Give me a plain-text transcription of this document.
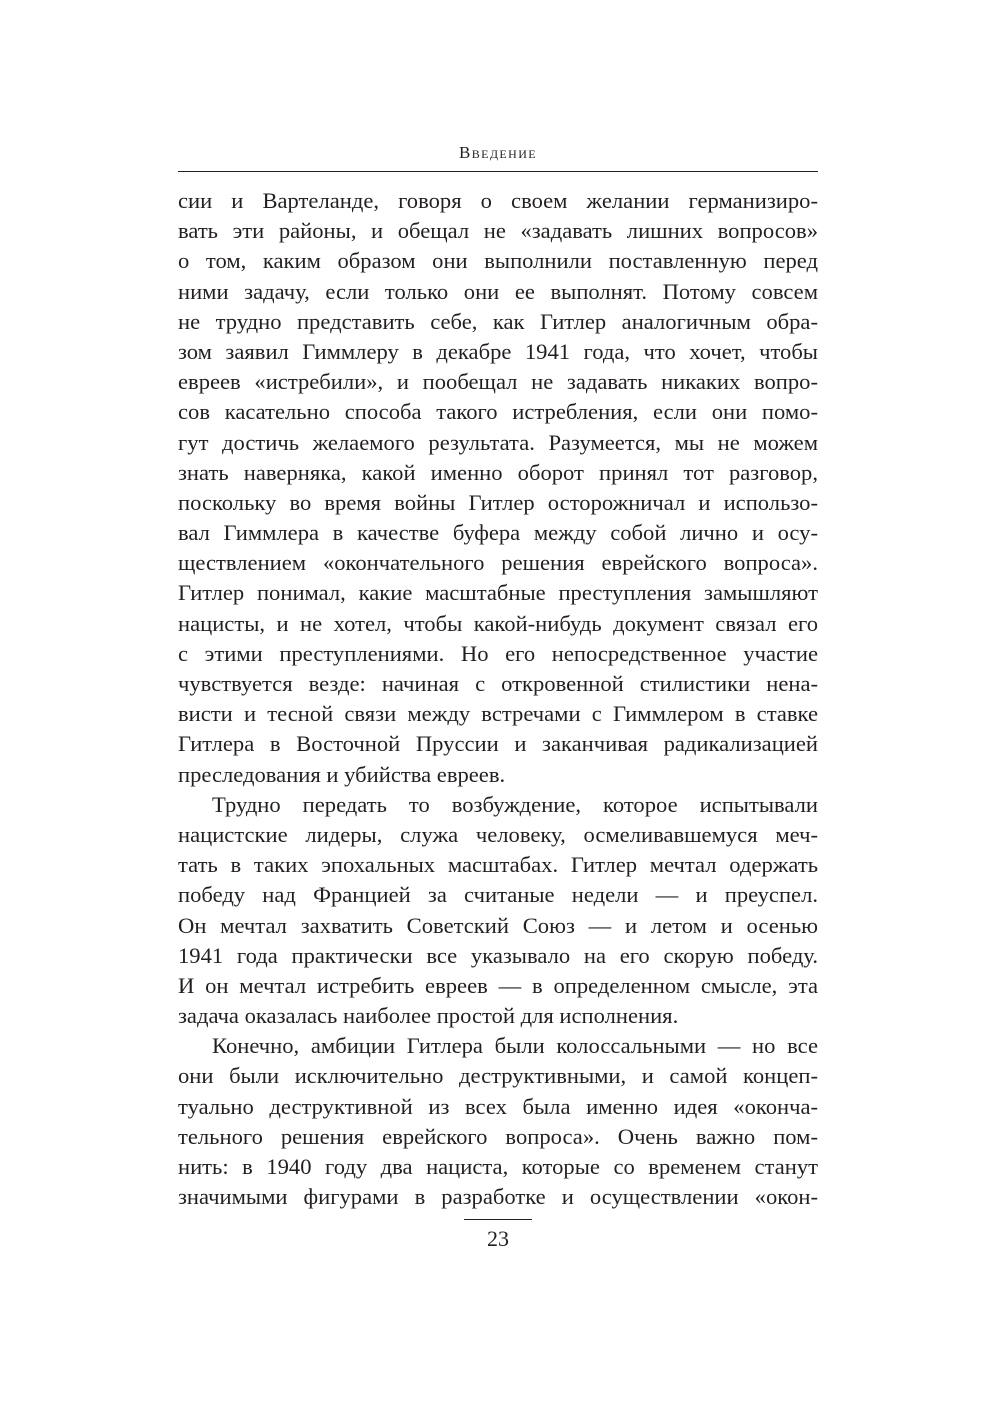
Введение
сии и Вартеланде, говоря о своем желании германизиро-
вать эти районы, и обещал не «задавать лишних вопросов»
о том, каким образом они выполнили поставленную перед
ними задачу, если только они ее выполнят. Потому совсем
не трудно представить себе, как Гитлер аналогичным обра-
зом заявил Гиммлеру в декабре 1941 года, что хочет, чтобы
евреев «истребили», и пообещал не задавать никаких вопро-
сов касательно способа такого истребления, если они помо-
гут достичь желаемого результата. Разумеется, мы не можем
знать наверняка, какой именно оборот принял тот разговор,
поскольку во время войны Гитлер осторожничал и использо-
вал Гиммлера в качестве буфера между собой лично и осу-
ществлением «окончательного решения еврейского вопроса».
Гитлер понимал, какие масштабные преступления замышляют
нацисты, и не хотел, чтобы какой-нибудь документ связал его
с этими преступлениями. Но его непосредственное участие
чувствуется везде: начиная с откровенной стилистики нена-
висти и тесной связи между встречами с Гиммлером в ставке
Гитлера в Восточной Пруссии и заканчивая радикализацией
преследования и убийства евреев.
Трудно передать то возбуждение, которое испытывали
нацистские лидеры, служа человеку, осмеливавшемуся меч-
тать в таких эпохальных масштабах. Гитлер мечтал одержать
победу над Францией за считаные недели — и преуспел.
Он мечтал захватить Советский Союз — и летом и осенью
1941 года практически все указывало на его скорую победу.
И он мечтал истребить евреев — в определенном смысле, эта
задача оказалась наиболее простой для исполнения.
Конечно, амбиции Гитлера были колоссальными — но все
они были исключительно деструктивными, и самой концеп-
туально деструктивной из всех была именно идея «оконча-
тельного решения еврейского вопроса». Очень важно пом-
нить: в 1940 году два нациста, которые со временем станут
значимыми фигурами в разработке и осуществлении «окон-
23
